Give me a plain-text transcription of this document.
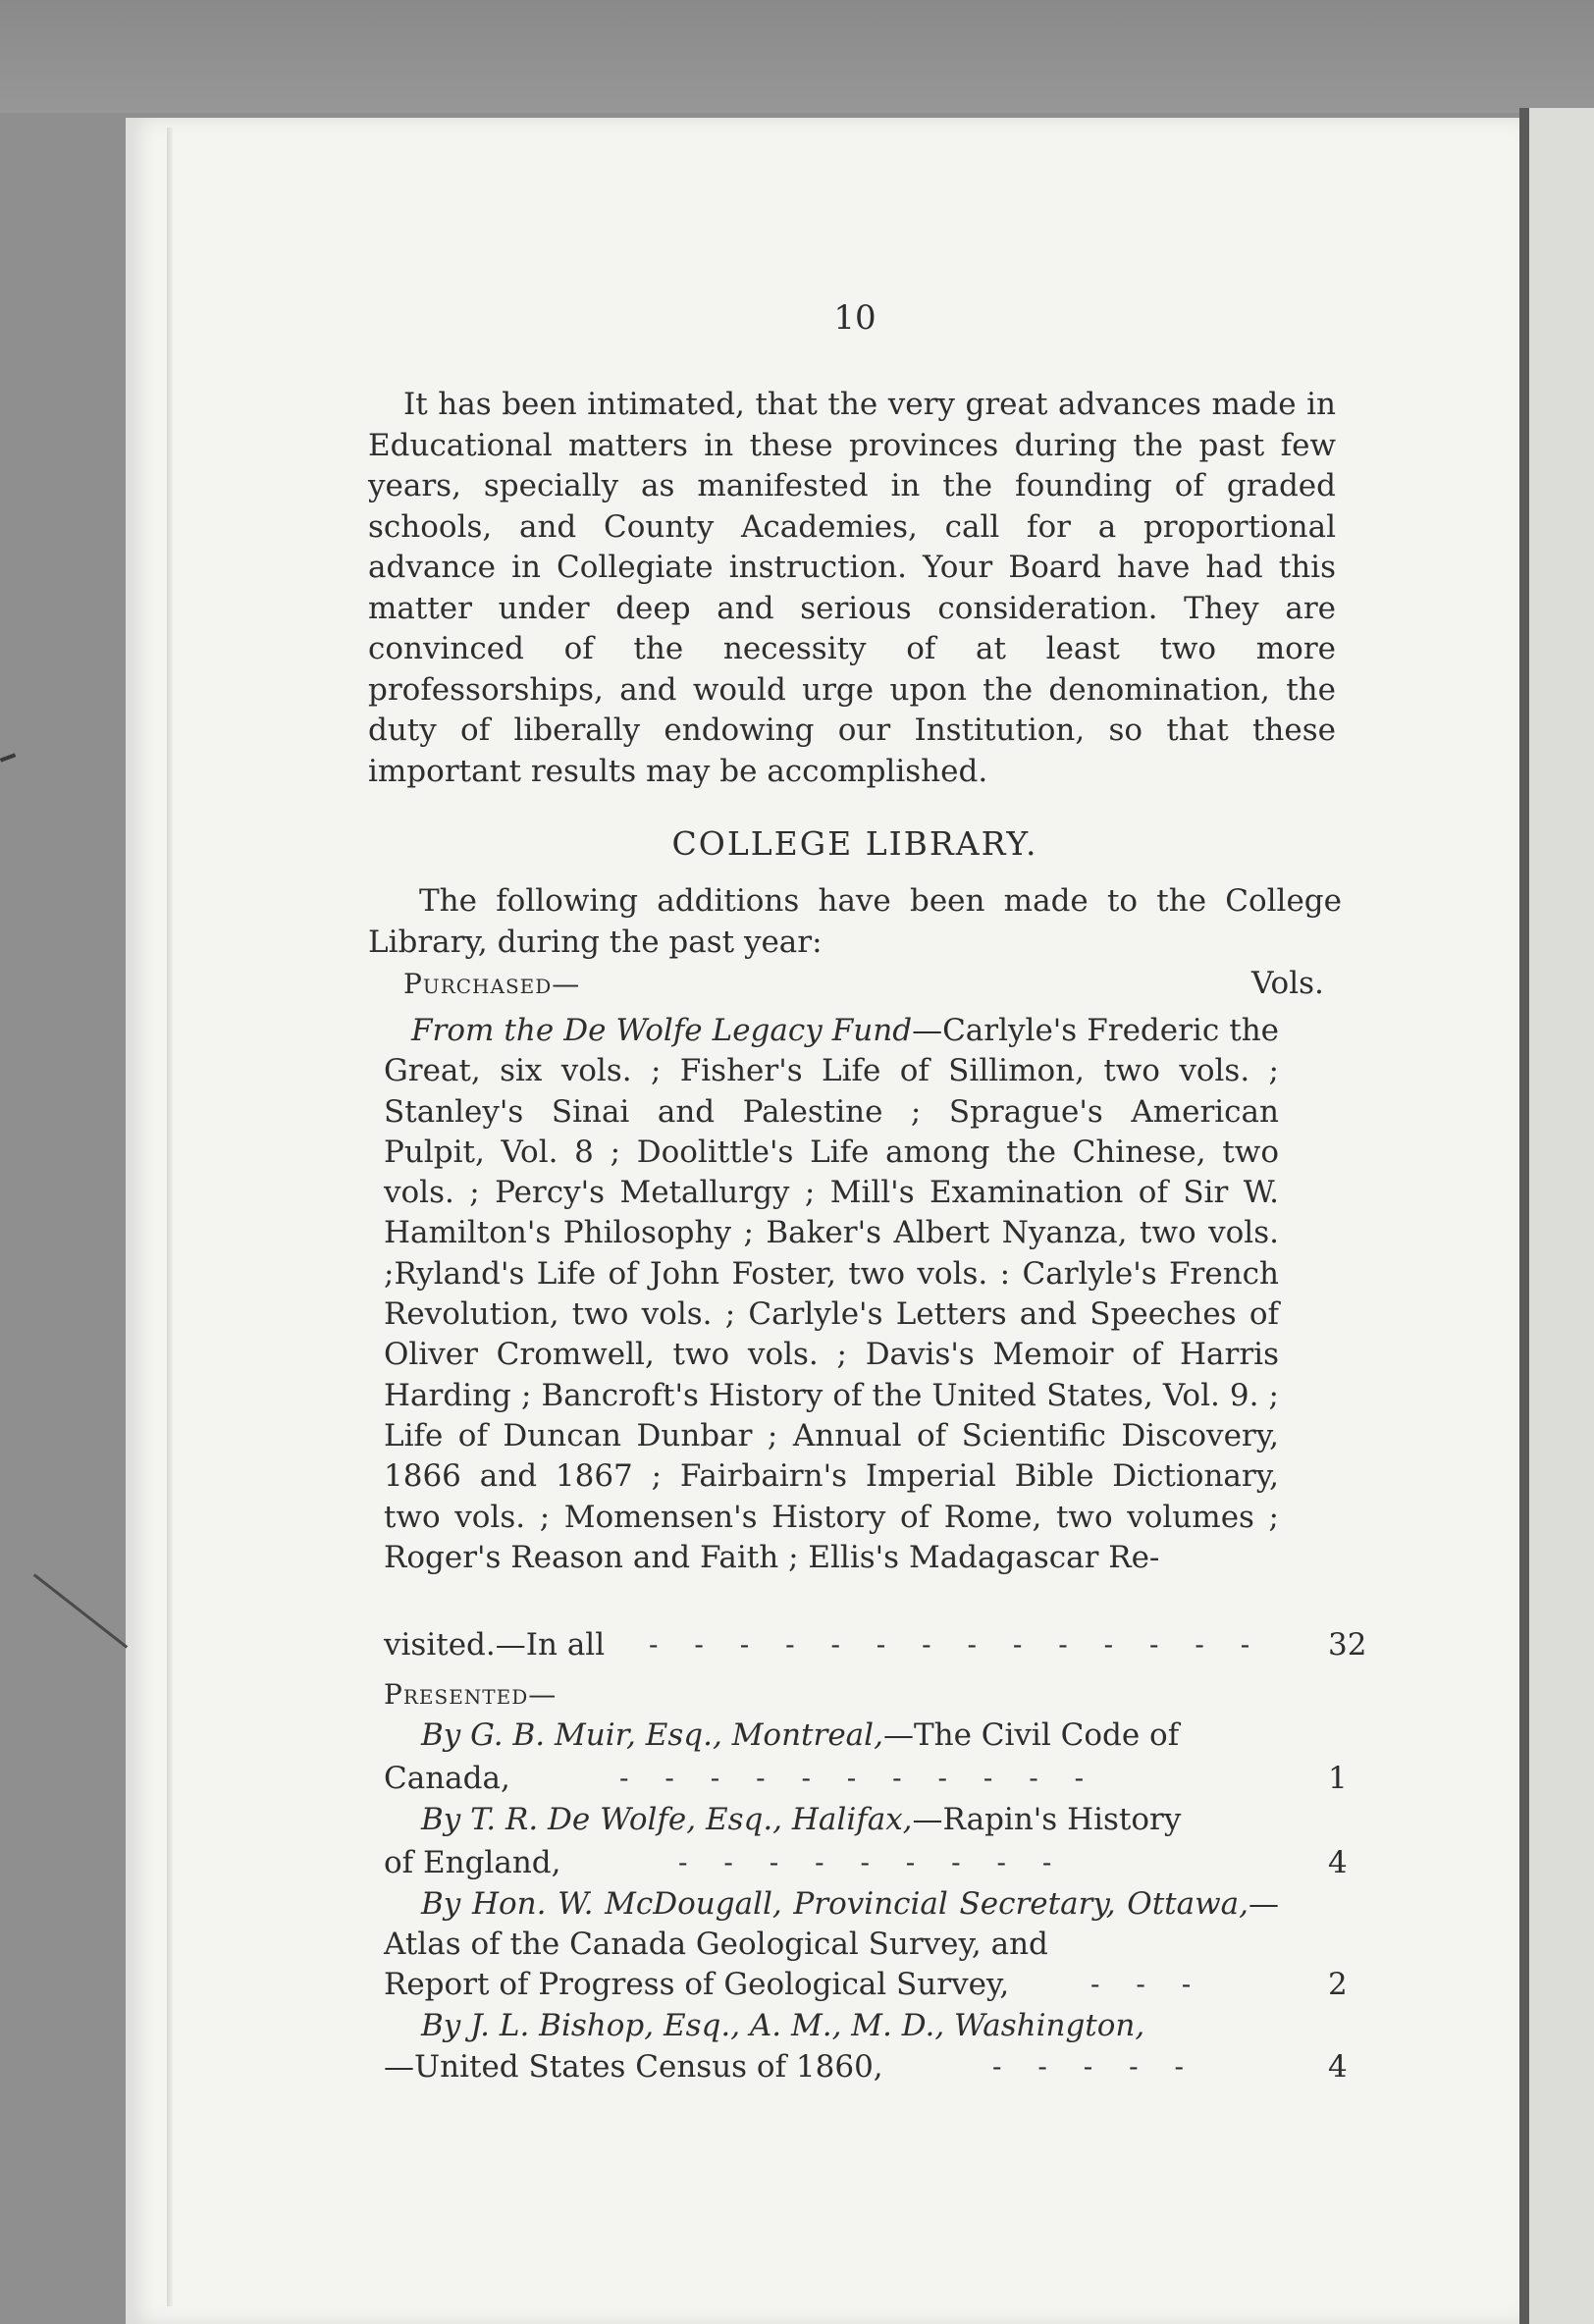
10

It has been intimated, that the very great advances made in Educational matters in these provinces during the past few years, specially as manifested in the founding of graded schools, and County Academies, call for a proportional advance in Collegiate instruction. Your Board have had this matter under deep and serious consideration. They are convinced of the necessity of at least two more professorships, and would urge upon the denomination, the duty of liberally endowing our Institution, so that these important results may be accomplished.

COLLEGE LIBRARY.

The following additions have been made to the College Library, during the past year:

Purchased—	Vols.

From the De Wolfe Legacy Fund—Carlyle's Frederic the Great, six vols. ; Fisher's Life of Sillimon, two vols. ; Stanley's Sinai and Palestine ; Sprague's American Pulpit, Vol. 8 ; Doolittle's Life among the Chinese, two vols. ; Percy's Metallurgy ; Mill's Examination of Sir W. Hamilton's Philosophy ; Baker's Albert Nyanza, two vols. ;Ryland's Life of John Foster, two vols. : Carlyle's French Revolution, two vols. ; Carlyle's Letters and Speeches of Oliver Cromwell, two vols. ; Davis's Memoir of Harris Harding ; Bancroft's History of the United States, Vol. 9. ; Life of Duncan Dunbar ; Annual of Scientific Discovery, 1866 and 1867 ; Fairbairn's Imperial Bible Dictionary, two vols. ; Momensen's History of Rome, two volumes ; Roger's Reason and Faith ; Ellis's Madagascar Re-

visited.—In all - - - - - - - - - - - - - - 32
Presented—

By G. B. Muir, Esq., Montreal,—The Civil Code of

Canada,	- - - - - - - - - - -	1

By T. R. De Wolfe, Esq., Halifax,—Rapin's History

of England,	- - - - - - - - -	4

By Hon. W. McDougall, Provincial Secretary, Ottawa,—Atlas of the Canada Geological Survey, and

Report of Progress of Geological Survey,	- - -	2

By J. L. Bishop, Esq., A. M., M. D., Washington,

—United States Census of 1860,	- - - - -	4
